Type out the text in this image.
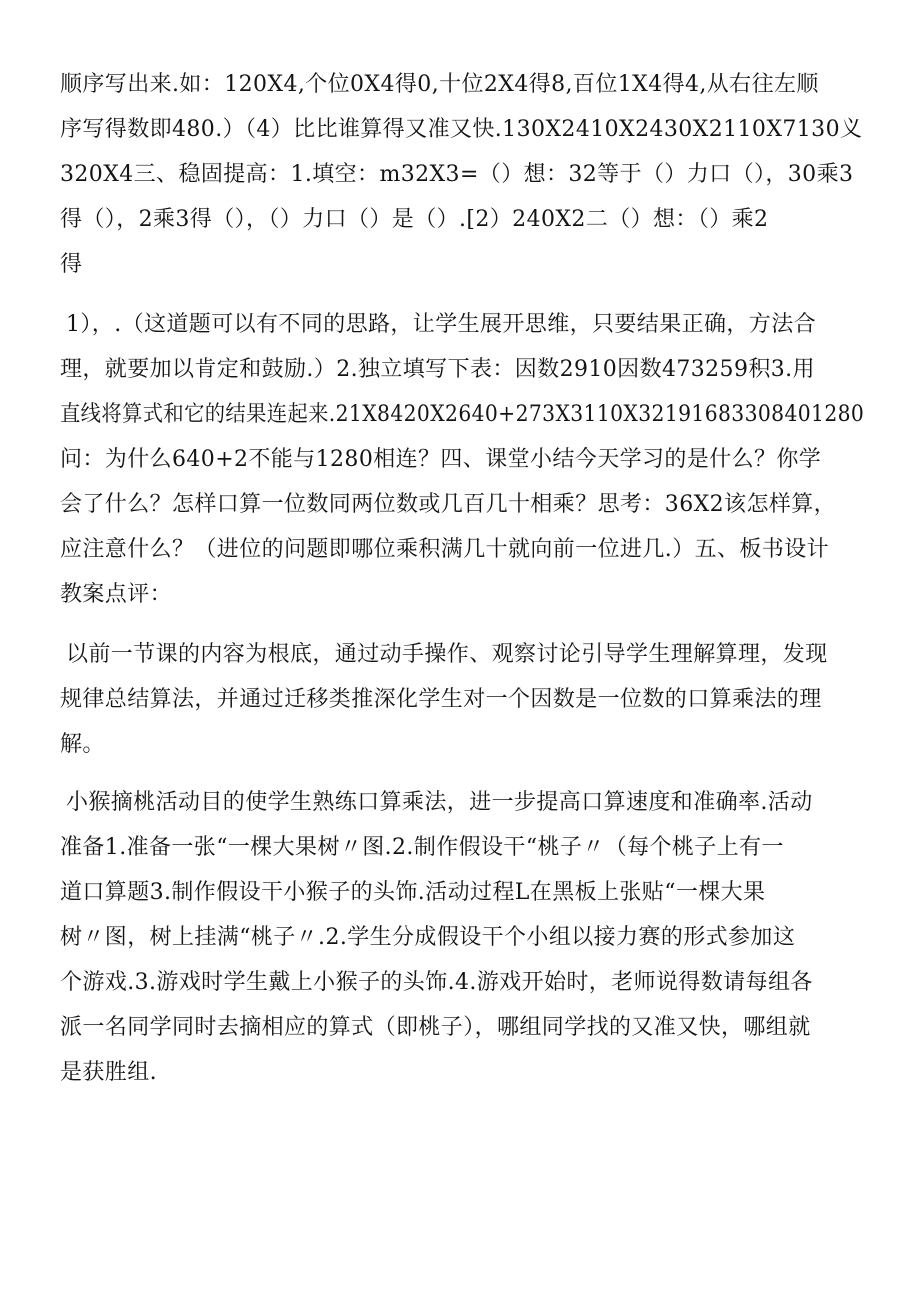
顺序写出来.如：120X4,个位0X4得0,十位2X4得8,百位1X4得4,从右往左顺
序写得数即480.）（4）比比谁算得又准又快.130X2410X2430X2110X7130义
320X4三、稳固提高：1.填空：m32X3=（）想：32等于（）力口（），30乘3
得（），2乘3得（），（）力口（）是（）.[2）240X2二（）想：（）乘2
得
1），.（这道题可以有不同的思路，让学生展开思维，只要结果正确，方法合
理，就要加以肯定和鼓励.）2.独立填写下表：因数2910因数473259积3.用
直线将算式和它的结果连起来.21X8420X2640+273X3110X32191683308401280
问：为什么640+2不能与1280相连？四、课堂小结今天学习的是什么？你学
会了什么？怎样口算一位数同两位数或几百几十相乘？思考：36X2该怎样算，
应注意什么？（进位的问题即哪位乘积满几十就向前一位进几.）五、板书设计
教案点评：
以前一节课的内容为根底，通过动手操作、观察讨论引导学生理解算理，发现
规律总结算法，并通过迁移类推深化学生对一个因数是一位数的口算乘法的理
解。
小猴摘桃活动目的使学生熟练口算乘法，进一步提高口算速度和准确率.活动
准备1.准备一张“一棵大果树〃图.2.制作假设干“桃子〃（每个桃子上有一
道口算题3.制作假设干小猴子的头饰.活动过程L在黑板上张贴“一棵大果
树〃图，树上挂满“桃子〃.2.学生分成假设干个小组以接力赛的形式参加这
个游戏.3.游戏时学生戴上小猴子的头饰.4.游戏开始时，老师说得数请每组各
派一名同学同时去摘相应的算式（即桃子），哪组同学找的又准又快，哪组就
是获胜组.
